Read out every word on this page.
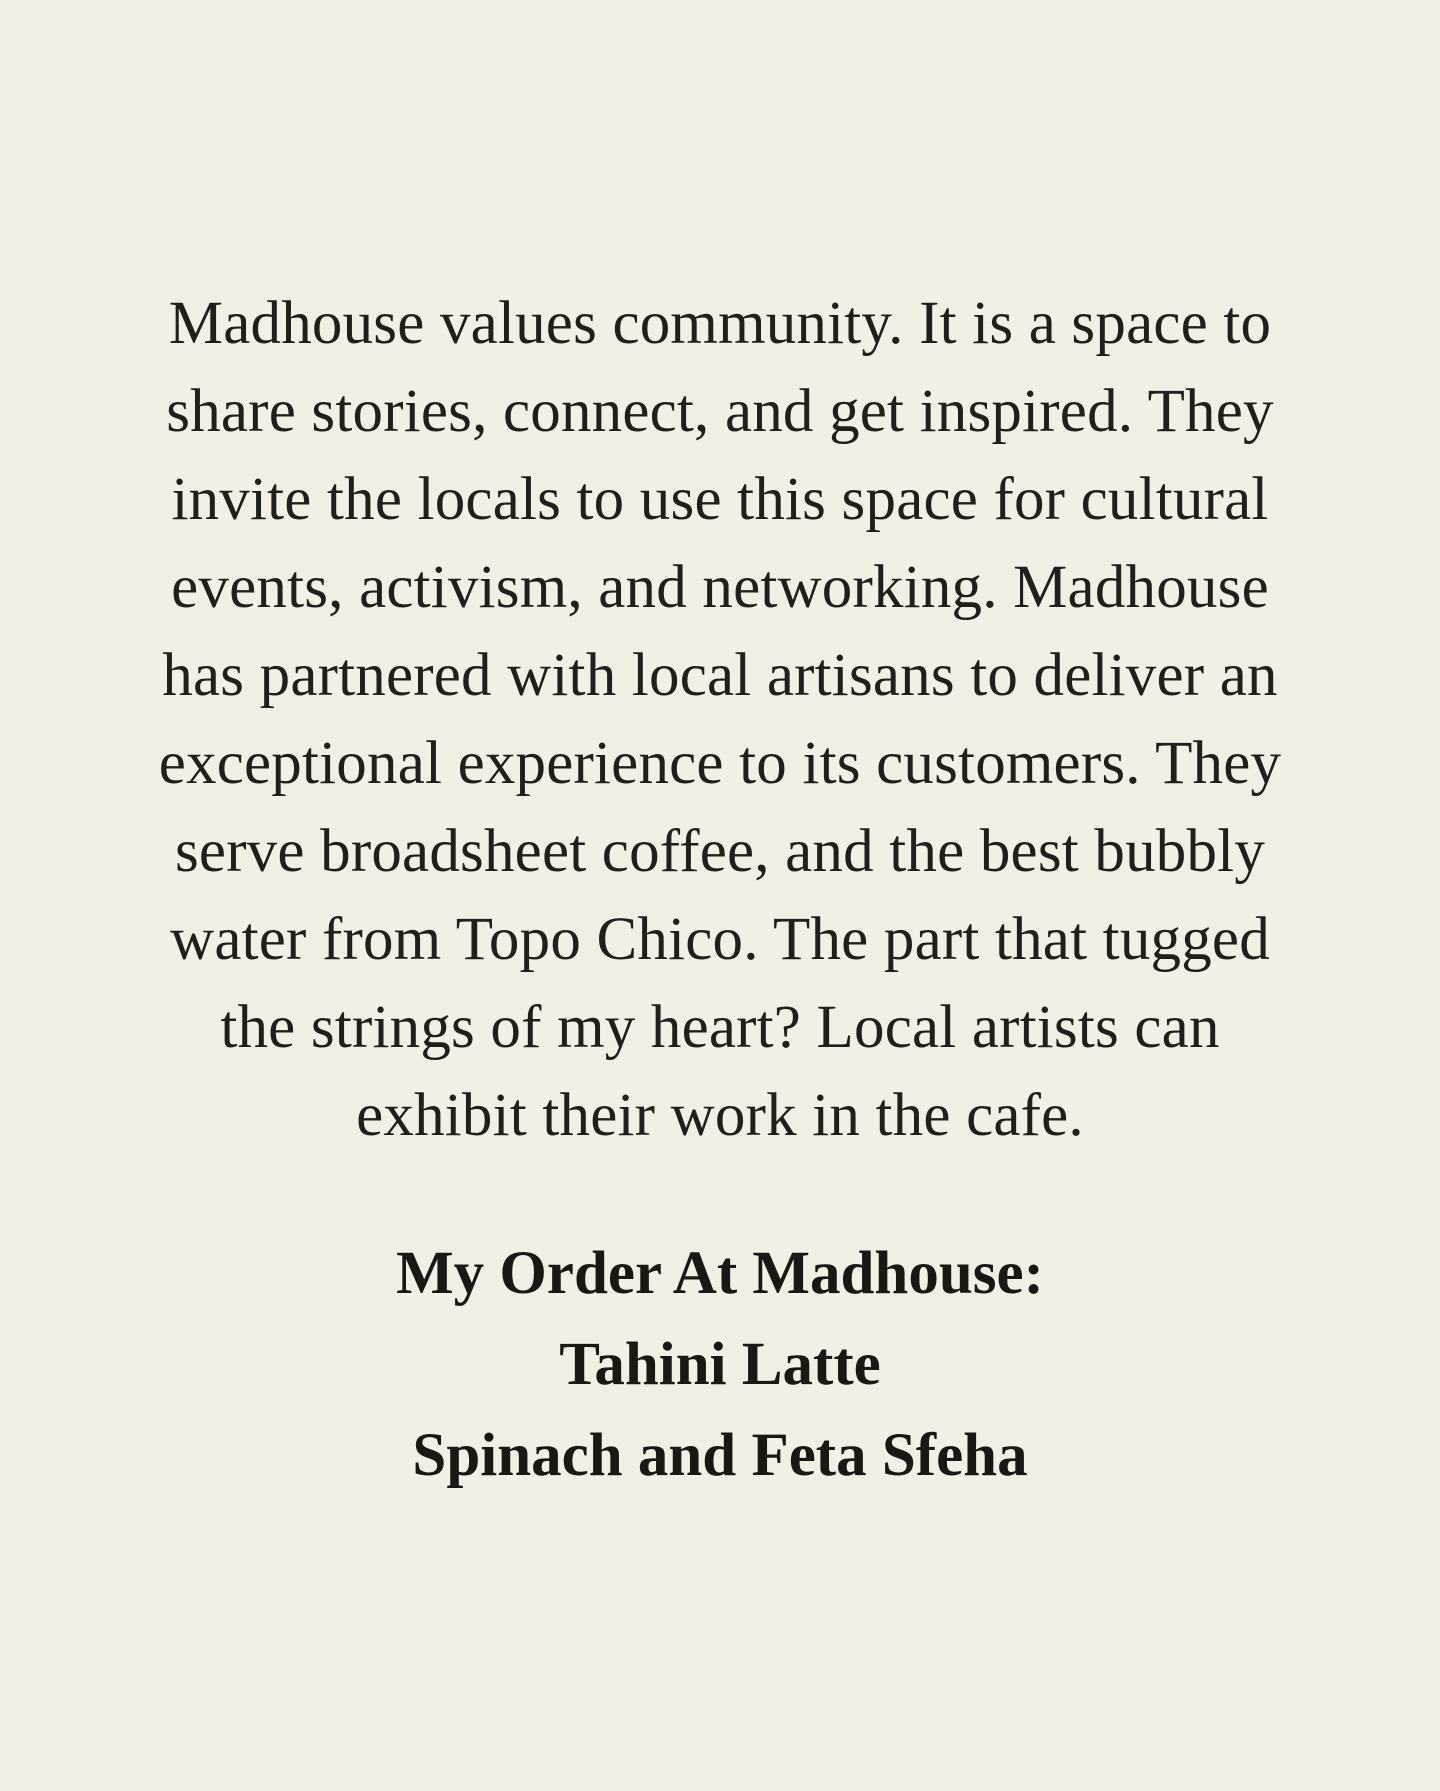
Madhouse values community. It is a space to
share stories, connect, and get inspired. They
invite the locals to use this space for cultural
events, activism, and networking. Madhouse
has partnered with local artisans to deliver an
exceptional experience to its customers. They
serve broadsheet coffee, and the best bubbly
water from Topo Chico. The part that tugged
the strings of my heart? Local artists can
exhibit their work in the cafe.

My Order At Madhouse:
Tahini Latte
Spinach and Feta Sfeha
